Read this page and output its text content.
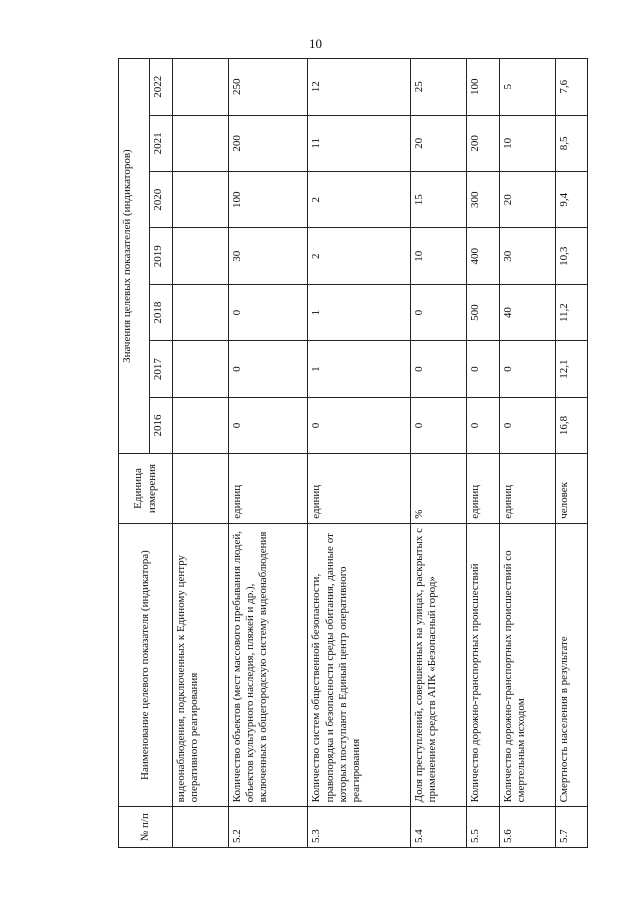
10
№ п/п	Наименование целевого показателя (индикатора)	Единица измерения	Значения целевых показателей (индикаторов)						
			2016	2017	2018	2019	2020	2021	2022
	видеонаблюдения, подключенных к Единому центру оперативного реагирования								
5.2	Количество объектов (мест массового пребывания людей, объектов культурного наследия, пляжей и др.), включенных в общегородскую систему видеонаблюдения	единиц	0	0	0	30	100	200	250
5.3	Количество систем общественной безопасности, правопорядка и безопасности среды обитания, данные от которых поступают в Единый центр оперативного реагирования	единиц	0	1	1	2	2	11	12
5.4	Доля преступлений, совершенных на улицах, раскрытых с применением средств АПК «Безопасный город»	%	0	0	0	10	15	20	25
5.5	Количество дорожно-транспортных происшествий	единиц	0	0	500	400	300	200	100
5.6	Количество дорожно-транспортных происшествий со смертельным исходом	единиц	0	0	40	30	20	10	5
5.7	Смертность населения в результате	человек	16,8	12,1	11,2	10,3	9,4	8,5	7,6
